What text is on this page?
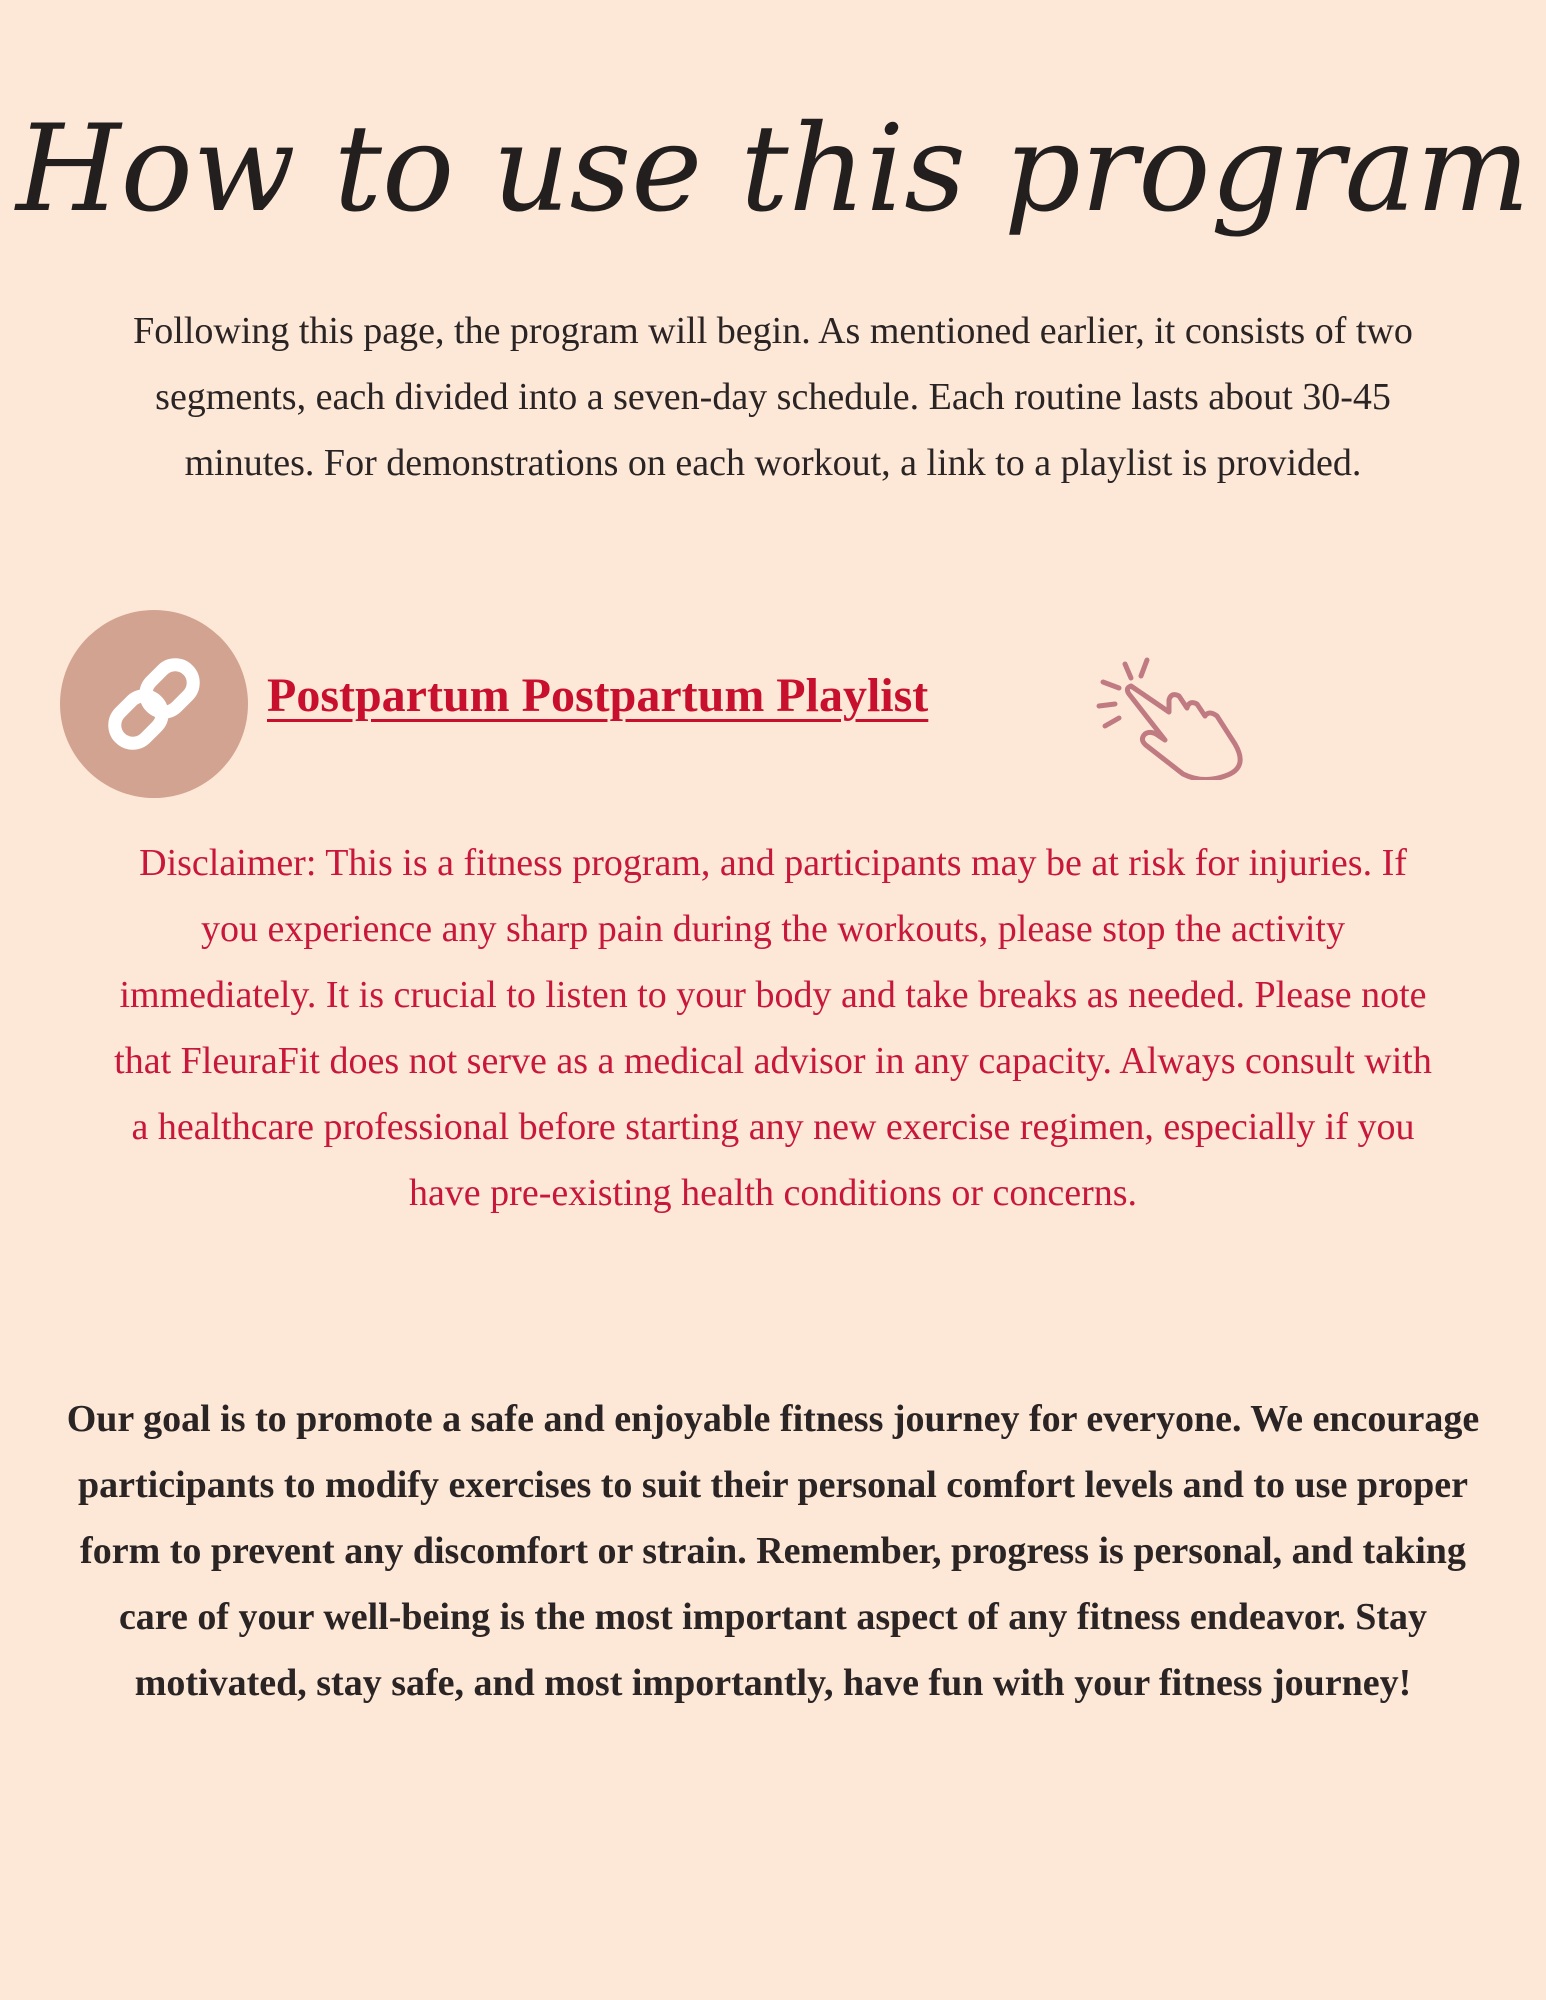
How to use this program
Following this page, the program will begin. As mentioned earlier, it consists of two segments, each divided into a seven-day schedule. Each routine lasts about 30-45 minutes. For demonstrations on each workout, a link to a playlist is provided.
Postpartum Postpartum Playlist
Disclaimer: This is a fitness program, and participants may be at risk for injuries. If you experience any sharp pain during the workouts, please stop the activity immediately. It is crucial to listen to your body and take breaks as needed. Please note that FleuraFit does not serve as a medical advisor in any capacity. Always consult with a healthcare professional before starting any new exercise regimen, especially if you have pre-existing health conditions or concerns.
Our goal is to promote a safe and enjoyable fitness journey for everyone. We encourage participants to modify exercises to suit their personal comfort levels and to use proper form to prevent any discomfort or strain. Remember, progress is personal, and taking care of your well-being is the most important aspect of any fitness endeavor. Stay motivated, stay safe, and most importantly, have fun with your fitness journey!
